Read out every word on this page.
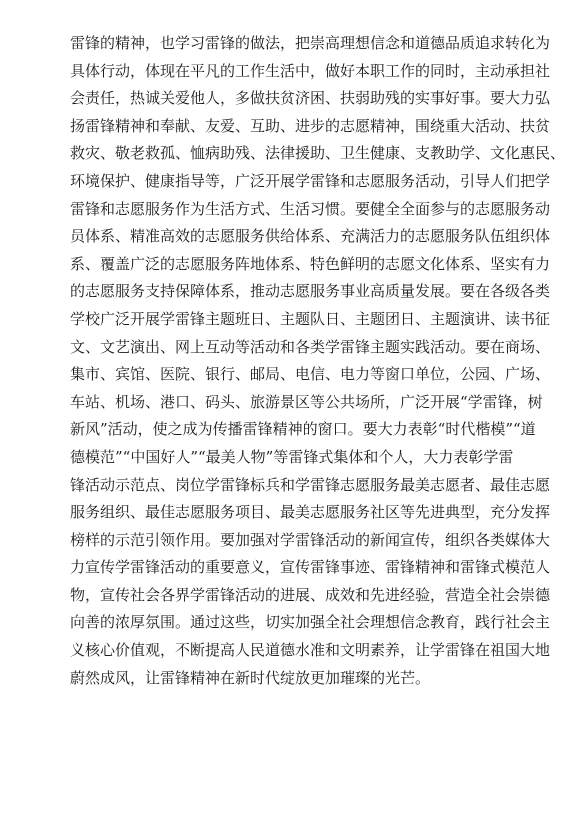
雷锋的精神，也学习雷锋的做法，把崇高理想信念和道德品质追求转化为
具体行动，体现在平凡的工作生活中，做好本职工作的同时，主动承担社
会责任，热诚关爱他人，多做扶贫济困、扶弱助残的实事好事。要大力弘
扬雷锋精神和奉献、友爱、互助、进步的志愿精神，围绕重大活动、扶贫
救灾、敬老救孤、恤病助残、法律援助、卫生健康、支教助学、文化惠民、
环境保护、健康指导等，广泛开展学雷锋和志愿服务活动，引导人们把学
雷锋和志愿服务作为生活方式、生活习惯。要健全全面参与的志愿服务动
员体系、精准高效的志愿服务供给体系、充满活力的志愿服务队伍组织体
系、覆盖广泛的志愿服务阵地体系、特色鲜明的志愿文化体系、坚实有力
的志愿服务支持保障体系，推动志愿服务事业高质量发展。要在各级各类
学校广泛开展学雷锋主题班日、主题队日、主题团日、主题演讲、读书征
文、文艺演出、网上互动等活动和各类学雷锋主题实践活动。要在商场、
集市、宾馆、医院、银行、邮局、电信、电力等窗口单位，公园、广场、
车站、机场、港口、码头、旅游景区等公共场所，广泛开展“学雷锋，树
新风”活动，使之成为传播雷锋精神的窗口。要大力表彰“时代楷模”“道
德模范”“中国好人”“最美人物”等雷锋式集体和个人，大力表彰学雷
锋活动示范点、岗位学雷锋标兵和学雷锋志愿服务最美志愿者、最佳志愿
服务组织、最佳志愿服务项目、最美志愿服务社区等先进典型，充分发挥
榜样的示范引领作用。要加强对学雷锋活动的新闻宣传，组织各类媒体大
力宣传学雷锋活动的重要意义，宣传雷锋事迹、雷锋精神和雷锋式模范人
物，宣传社会各界学雷锋活动的进展、成效和先进经验，营造全社会崇德
向善的浓厚氛围。通过这些，切实加强全社会理想信念教育，践行社会主
义核心价值观，不断提高人民道德水准和文明素养，让学雷锋在祖国大地
蔚然成风，让雷锋精神在新时代绽放更加璀璨的光芒。
